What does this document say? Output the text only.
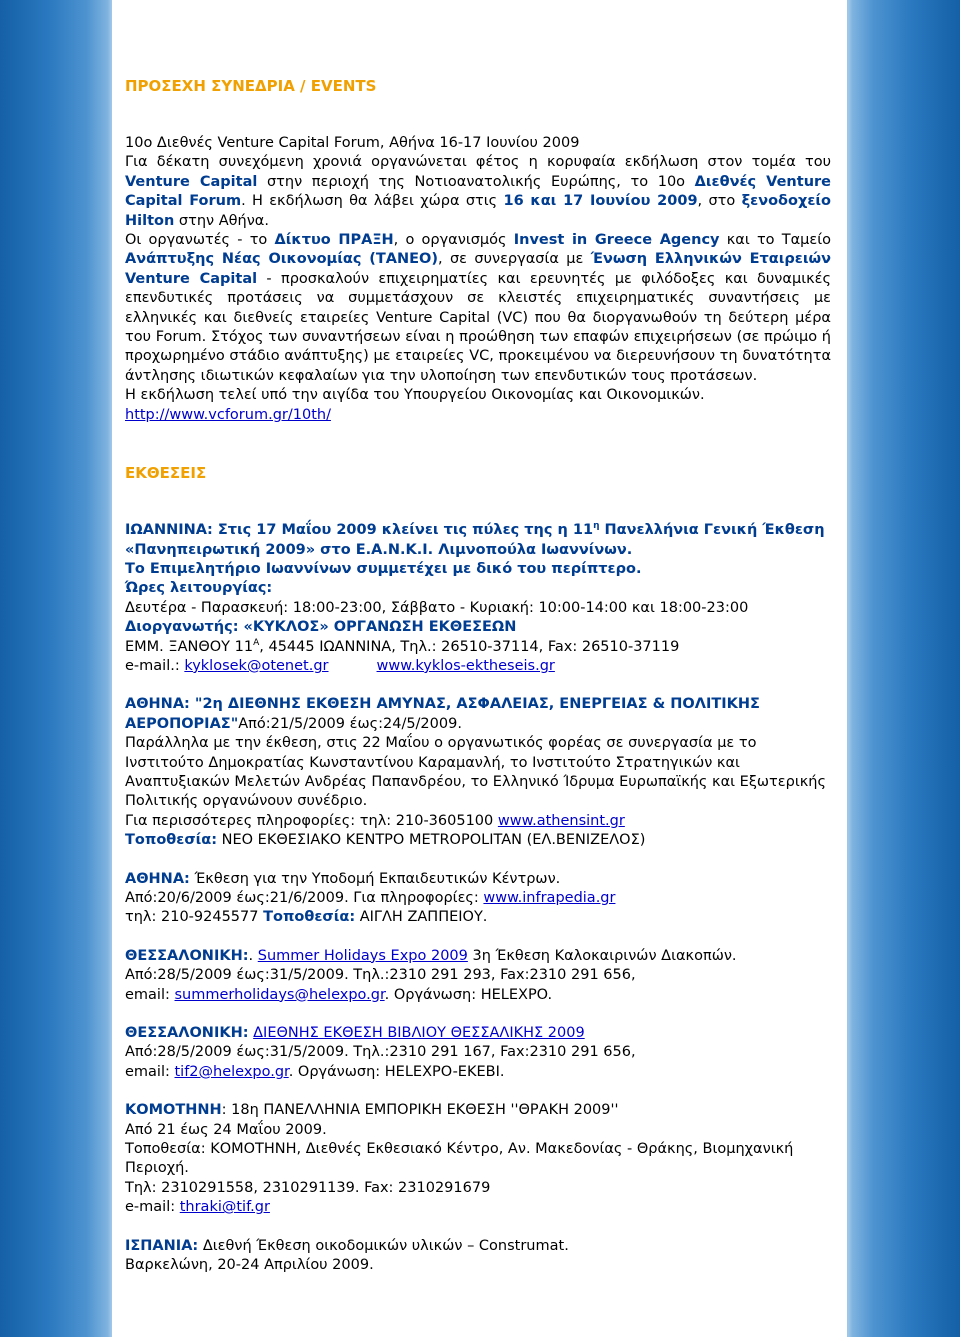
ΠΡΟΣΕΧΗ ΣΥΝΕΔΡΙΑ / EVENTS

10ο Διεθνές Venture Capital Forum, Αθήνα 16-17 Ιουνίου 2009

Για δέκατη συνεχόμενη χρονιά οργανώνεται φέτος η κορυφαία εκδήλωση στον τομέα του Venture Capital στην περιοχή της Νοτιοανατολικής Ευρώπης, το 10ο Διεθνές Venture Capital Forum. Η εκδήλωση θα λάβει χώρα στις 16 και 17 Ιουνίου 2009, στο ξενοδοχείο Hilton στην Αθήνα.

Οι οργανωτές - το Δίκτυο ΠΡΑΞΗ, ο οργανισμός Invest in Greece Agency και το Ταμείο Ανάπτυξης Νέας Οικονομίας (ΤΑΝΕΟ), σε συνεργασία με Ένωση Ελληνικών Εταιρειών Venture Capital - προσκαλούν επιχειρηματίες και ερευνητές με φιλόδοξες και δυναμικές επενδυτικές προτάσεις να συμμετάσχουν σε κλειστές επιχειρηματικές συναντήσεις με ελληνικές και διεθνείς εταιρείες Venture Capital (VC) που θα διοργανωθούν τη δεύτερη μέρα του Forum. Στόχος των συναντήσεων είναι η προώθηση των επαφών επιχειρήσεων (σε πρώιμο ή προχωρημένο στάδιο ανάπτυξης) με εταιρείες VC, προκειμένου να διερευνήσουν τη δυνατότητα άντλησης ιδιωτικών κεφαλαίων για την υλοποίηση των επενδυτικών τους προτάσεων.

Η εκδήλωση τελεί υπό την αιγίδα του Υπουργείου Οικονομίας και Οικονομικών.

http://www.vcforum.gr/10th/

ΕΚΘΕΣΕΙΣ

ΙΩΑΝΝΙΝΑ: Στις 17 Μαΐου 2009 κλείνει τις πύλες της η $11^\eta$ Πανελλήνια Γενική Έκθεση «Πανηπειρωτική 2009» στο Ε.Α.Ν.Κ.Ι. Λιμνοπούλα Ιωαννίνων.

Το Επιμελητήριο Ιωαννίνων συμμετέχει με δικό του περίπτερο.

Ώρες λειτουργίας:

Δευτέρα - Παρασκευή: 18:00-23:00, Σάββατο - Κυριακή: 10:00-14:00 και 18:00-23:00

Διοργανωτής: «ΚΥΚΛΟΣ» ΟΡΓΑΝΩΣΗ ΕΚΘΕΣΕΩΝ

ΕΜΜ. ΞΑΝΘΟΥ $11^A$, 45445 ΙΩΑΝΝΙΝΑ, Τηλ.: 26510-37114, Fax: 26510-37119

e-mail.: kyklosek@otenet.gr	www.kyklos-ektheseis.gr

ΑΘΗΝΑ: "2η ΔΙΕΘΝΗΣ ΕΚΘΕΣΗ ΑΜΥΝΑΣ, ΑΣΦΑΛΕΙΑΣ, ΕΝΕΡΓΕΙΑΣ & ΠΟΛΙΤΙΚΗΣ ΑΕΡΟΠΟΡΙΑΣ"Από:21/5/2009 έως:24/5/2009.

Παράλληλα με την έκθεση, στις 22 Μαΐου ο οργανωτικός φορέας σε συνεργασία με το Ινστιτούτο Δημοκρατίας Κωνσταντίνου Καραμανλή, το Ινστιτούτο Στρατηγικών και Αναπτυξιακών Μελετών Ανδρέας Παπανδρέου, το Ελληνικό Ίδρυμα Ευρωπαϊκής και Εξωτερικής Πολιτικής οργανώνουν συνέδριο.

Για περισσότερες πληροφορίες: τηλ: 210-3605100 www.athensint.gr

Τοποθεσία: ΝΕΟ ΕΚΘΕΣΙΑΚΟ ΚΕΝΤΡΟ METROPOLITAN (ΕΛ.ΒΕΝΙΖΕΛΟΣ)

ΑΘΗΝΑ: Έκθεση για την Υποδομή Εκπαιδευτικών Κέντρων.

Από:20/6/2009 έως:21/6/2009. Για πληροφορίες: www.infrapedia.gr

τηλ: 210-9245577 Τοποθεσία: ΑΙΓΛΗ ΖΑΠΠΕΙΟΥ.

ΘΕΣΣΑΛΟΝΙΚΗ:. Summer Holidays Expo 2009 3η Έκθεση Καλοκαιρινών Διακοπών.

Από:28/5/2009 έως:31/5/2009. Τηλ.:2310 291 293, Fax:2310 291 656,

email: summerholidays@helexpo.gr. Οργάνωση: HELEXPO.

ΘΕΣΣΑΛΟΝΙΚΗ: ΔΙΕΘΝΗΣ ΕΚΘΕΣΗ ΒΙΒΛΙΟΥ ΘΕΣΣΑΛΙΚΗΣ 2009

Από:28/5/2009 έως:31/5/2009. Τηλ.:2310 291 167, Fax:2310 291 656,

email: tif2@helexpo.gr. Οργάνωση: HELEXPO-ΕΚΕΒΙ.

ΚΟΜΟΤΗΝΗ: 18η ΠΑΝΕΛΛΗΝΙΑ ΕΜΠΟΡΙΚΗ ΕΚΘΕΣΗ ''ΘΡΑΚΗ 2009''

Από 21 έως 24 Μαΐου 2009.

Τοποθεσία: ΚΟΜΟΤΗΝΗ, Διεθνές Εκθεσιακό Κέντρο, Αν. Μακεδονίας - Θράκης, Βιομηχανική Περιοχή.

Τηλ: 2310291558, 2310291139. Fax: 2310291679

e-mail: thraki@tif.gr

ΙΣΠΑΝΙΑ: Διεθνή Έκθεση οικοδομικών υλικών – Construmat.

Βαρκελώνη, 20-24 Απριλίου 2009.
